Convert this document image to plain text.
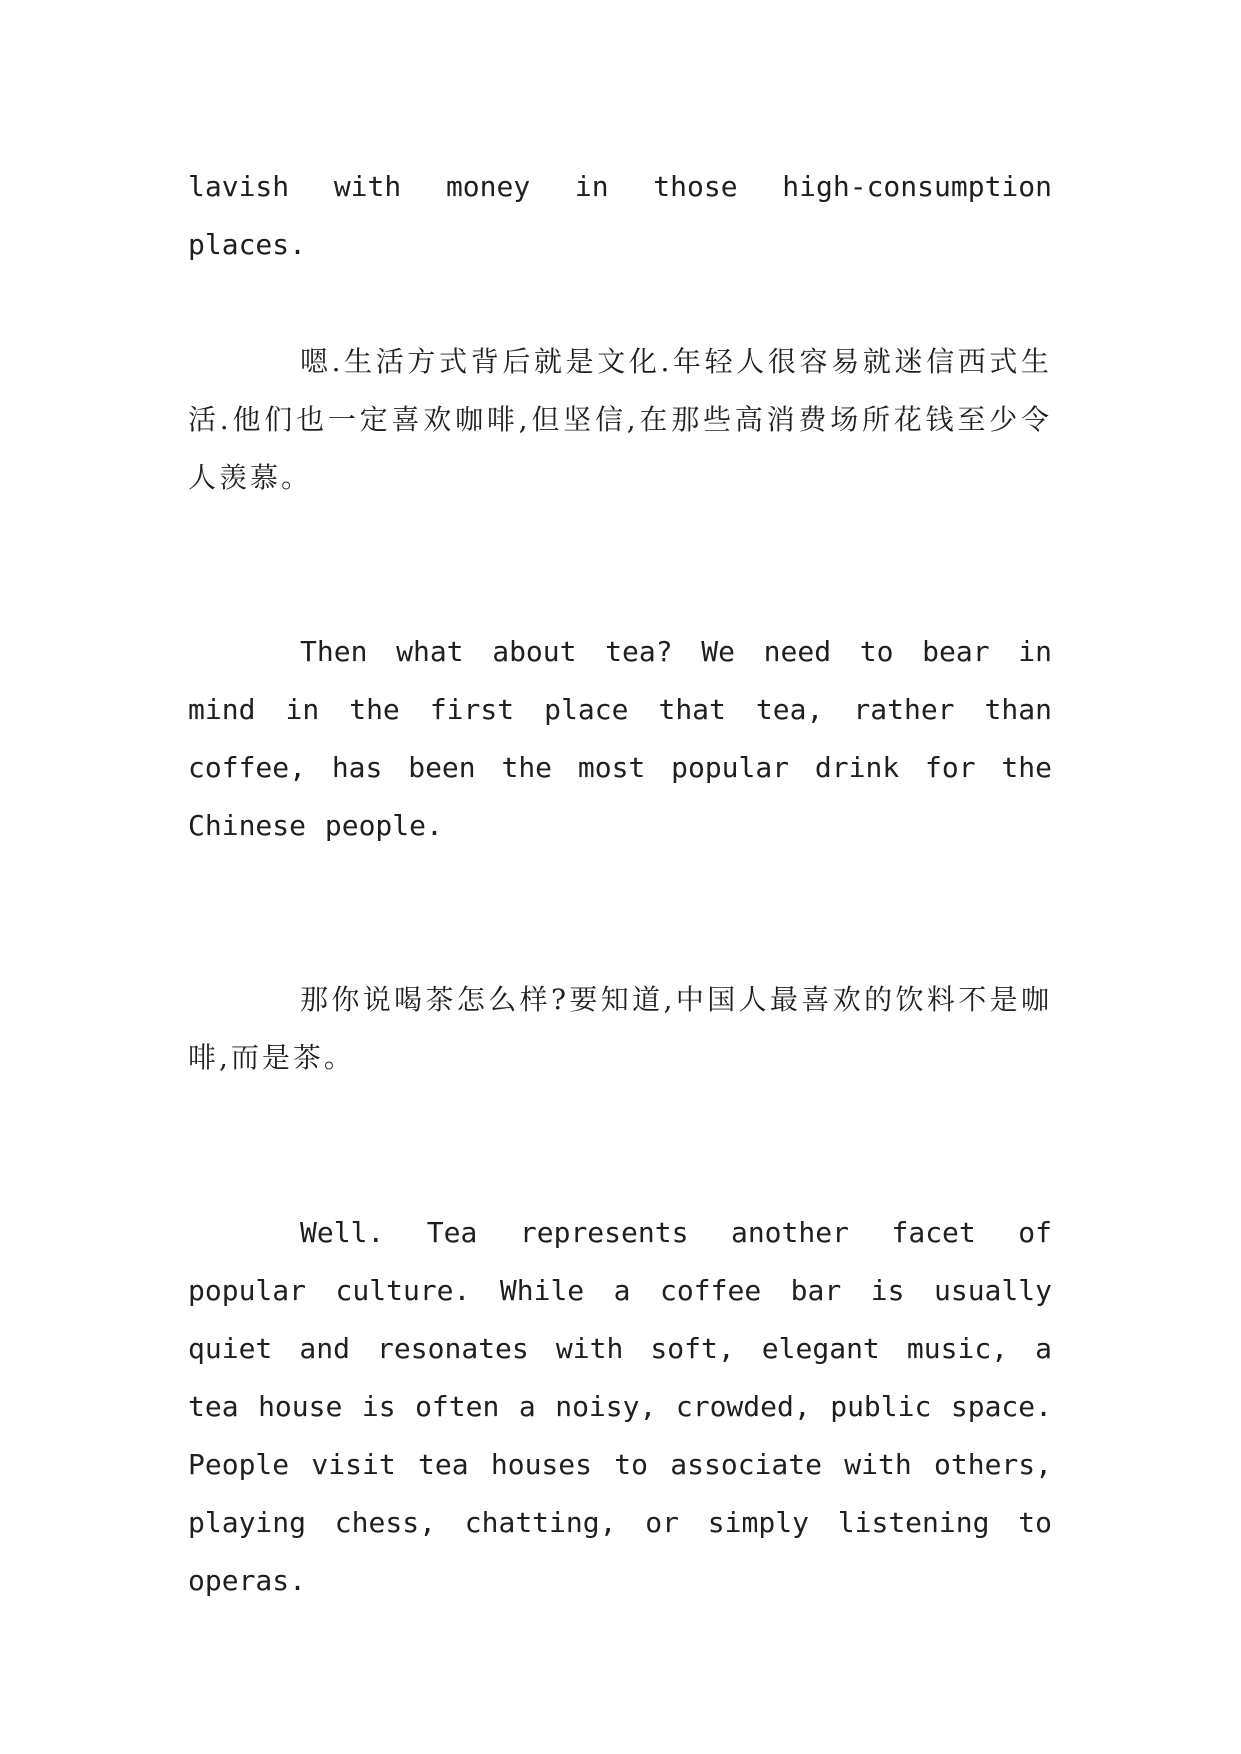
lavish with money in those high-consumption places.

嗯.生活方式背后就是文化.年轻人很容易就迷信西式生活.他们也一定喜欢咖啡,但坚信,在那些高消费场所花钱至少令人羡慕。

Then what about tea? We need to bear in mind in the first place that tea, rather than coffee, has been the most popular drink for the Chinese people.

那你说喝茶怎么样?要知道,中国人最喜欢的饮料不是咖啡,而是茶。

Well. Tea represents another facet of popular culture. While a coffee bar is usually quiet and resonates with soft, elegant music, a tea house is often a noisy, crowded, public space. People visit tea houses to associate with others, playing chess, chatting, or simply listening to operas.
